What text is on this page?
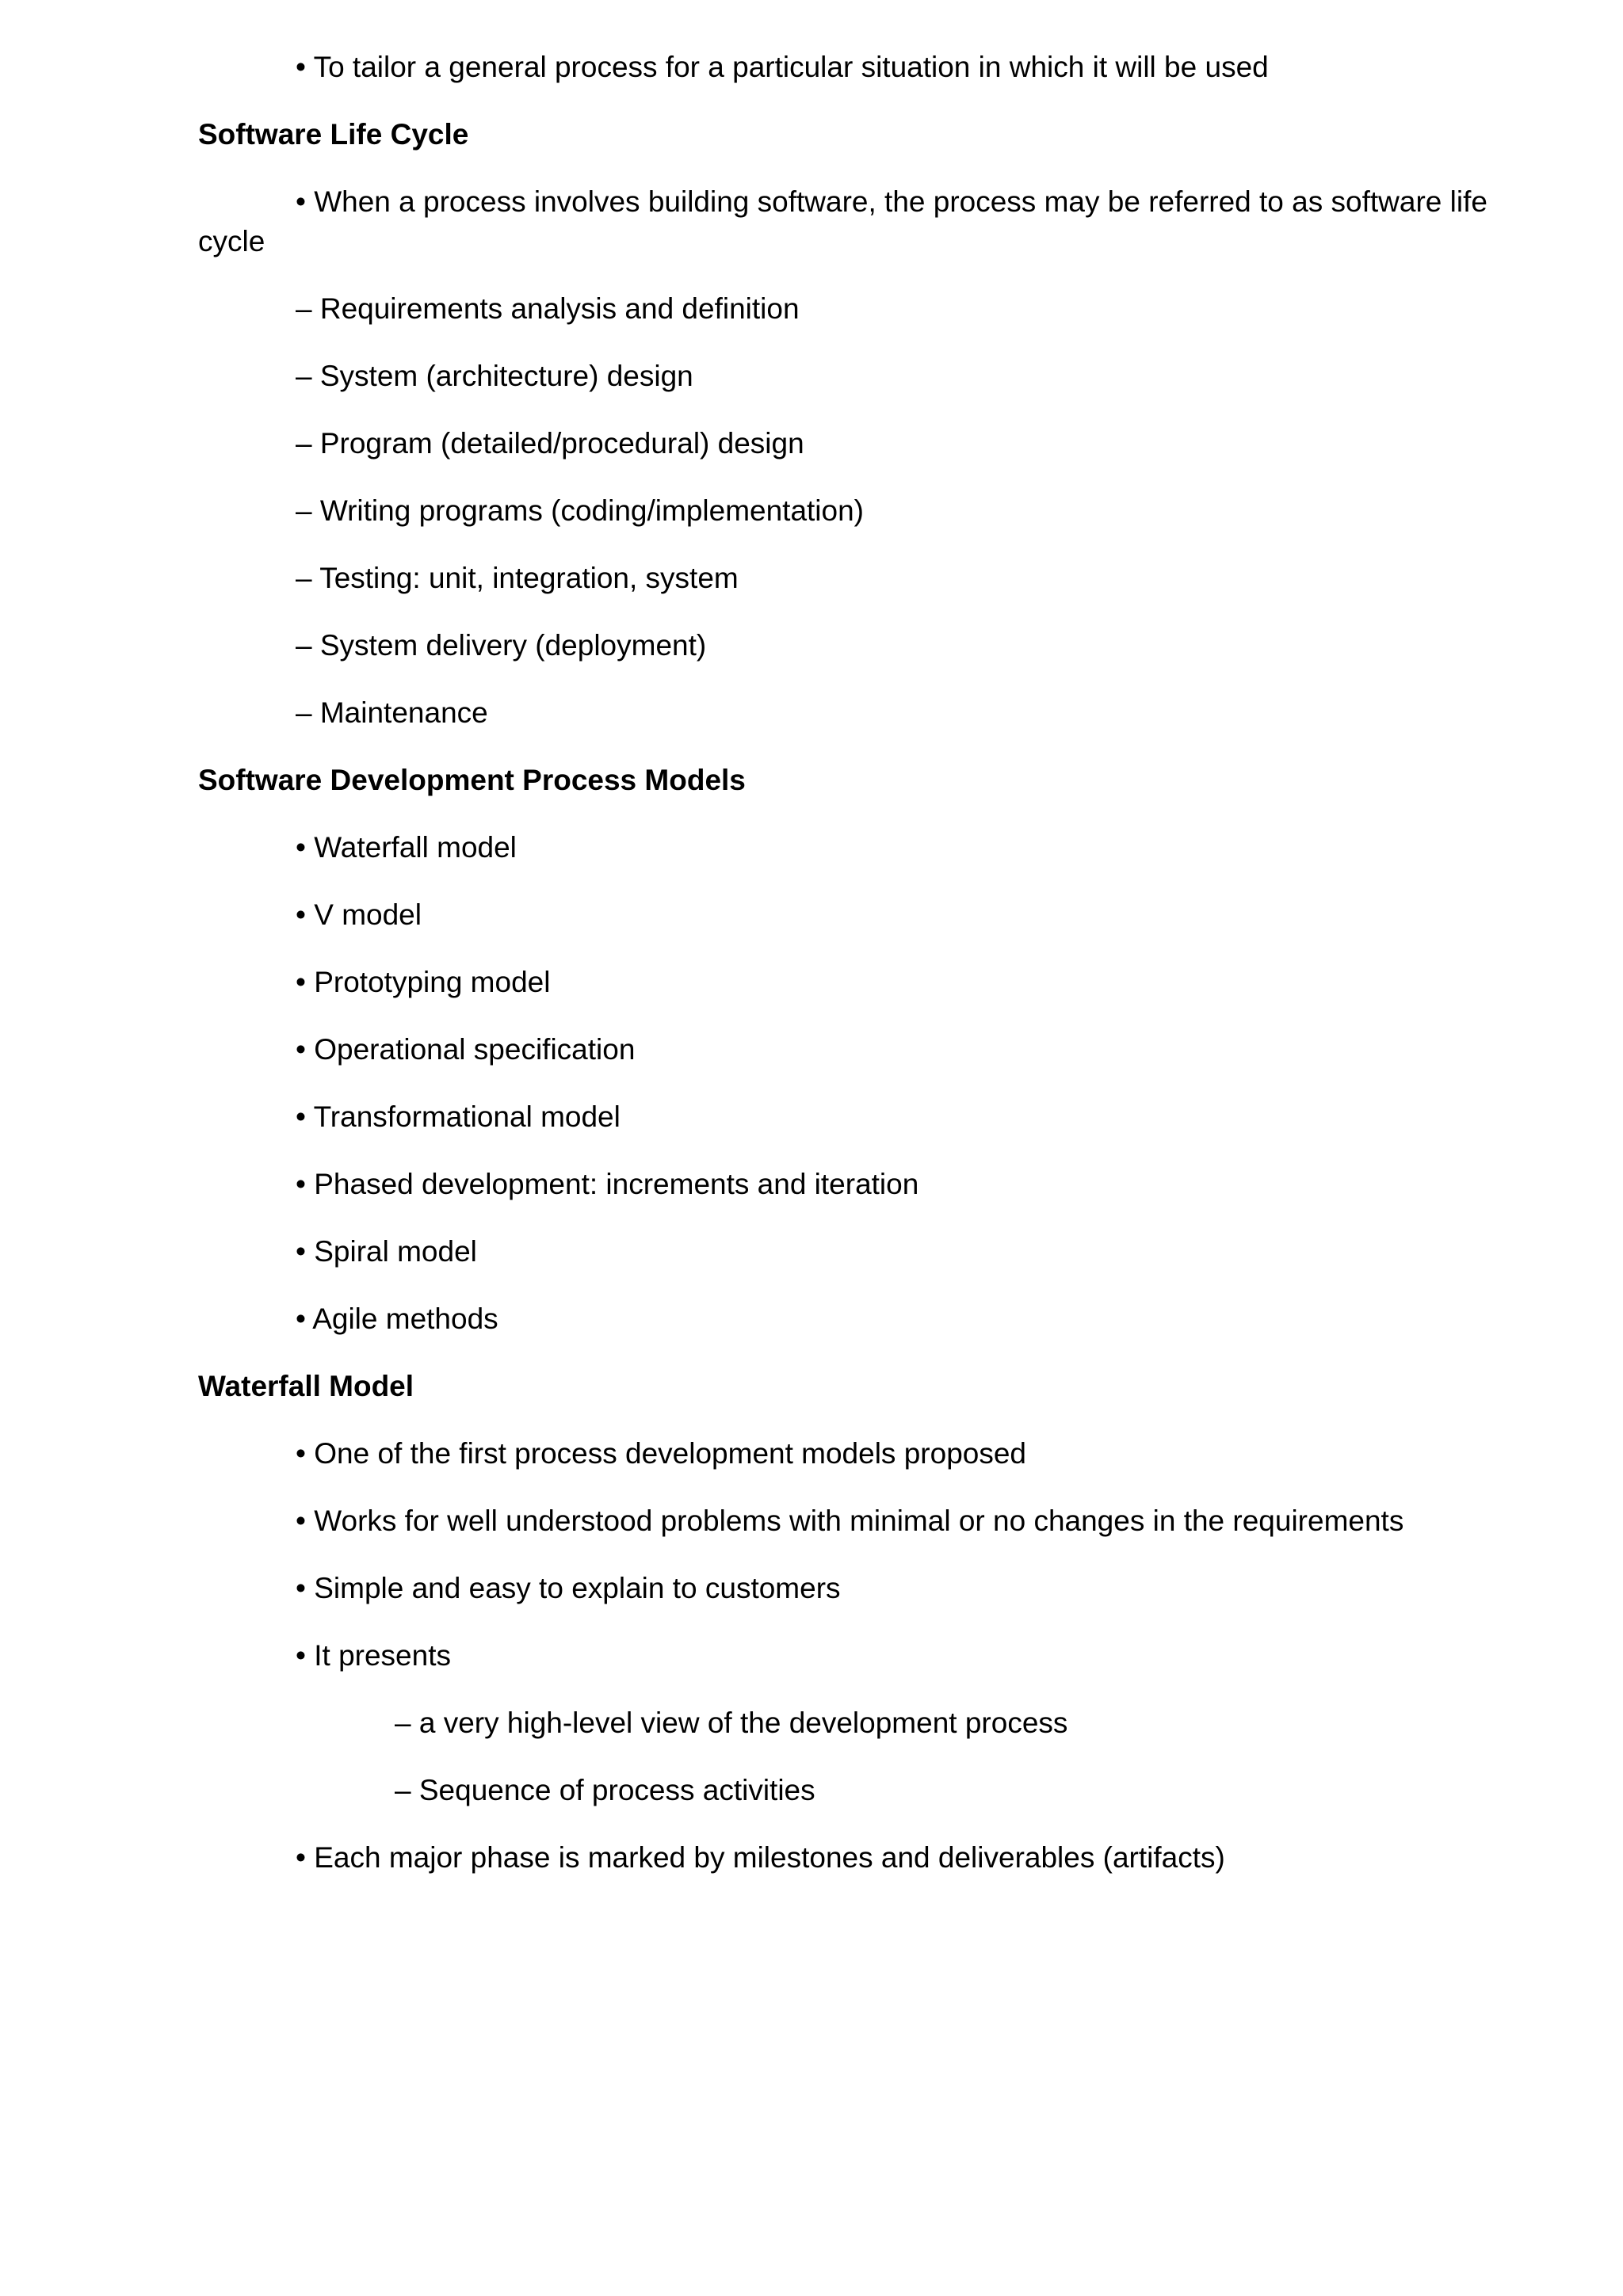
• To tailor a general process for a particular situation in which it will be used
Software Life Cycle
• When a process involves building software, the process may be referred to as software life cycle
– Requirements analysis and definition
– System (architecture) design
– Program (detailed/procedural) design
– Writing programs (coding/implementation)
– Testing: unit, integration, system
– System delivery (deployment)
– Maintenance
Software Development Process Models
• Waterfall model
• V model
• Prototyping model
• Operational specification
• Transformational model
• Phased development: increments and iteration
• Spiral model
• Agile methods
Waterfall Model
• One of the first process development models proposed
• Works for well understood problems with minimal or no changes in the requirements
• Simple and easy to explain to customers
• It presents
– a very high-level view of the development process
– Sequence of process activities
• Each major phase is marked by milestones and deliverables (artifacts)
